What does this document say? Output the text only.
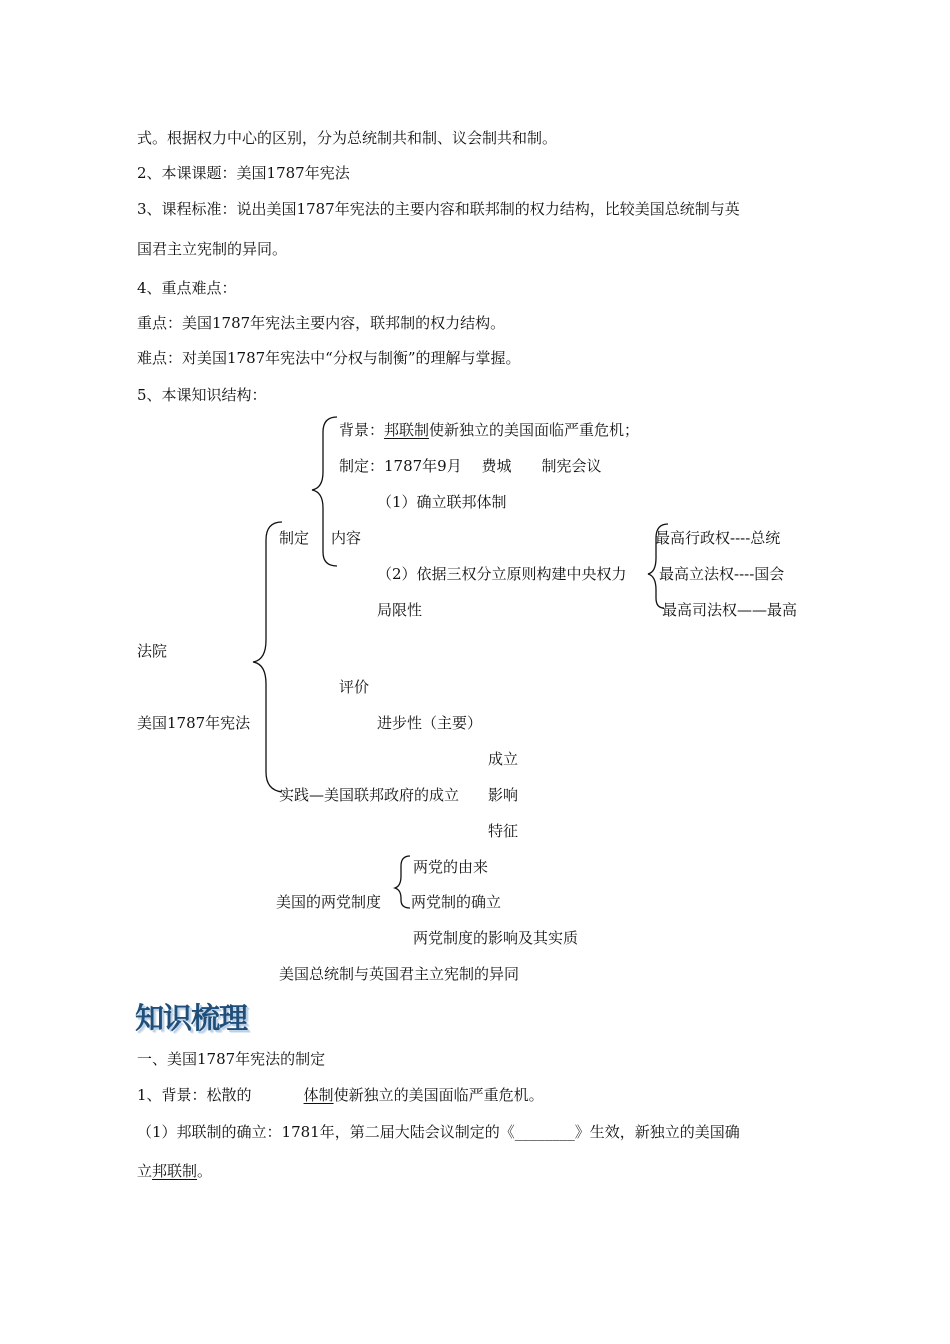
式。根据权力中心的区别，分为总统制共和制、议会制共和制。
2、本课课题：美国1787年宪法
3、课程标准：说出美国1787年宪法的主要内容和联邦制的权力结构，比较美国总统制与英
国君主立宪制的异同。
4、重点难点：
重点：美国1787年宪法主要内容，联邦制的权力结构。
难点：对美国1787年宪法中“分权与制衡”的理解与掌握。
5、本课知识结构：
背景：邦联制使新独立的美国面临严重危机；
制定：1787年9月　 费城　　制宪会议
（1）确立联邦体制
制定 内容	最高行政权----总统
（2）依据三权分立原则构建中央权力 最高立法权----国会
局限性	最高司法权——最高
法院
评价
美国1787年宪法	进步性（主要）
成立
实践—美国联邦政府的成立 影响
特征
两党的由来
美国的两党制度 两党制的确立
两党制度的影响及其实质
美国总统制与英国君主立宪制的异同
知识梳理
一、美国1787年宪法的制定
1、背景：松散的	体制使新独立的美国面临严重危机。
（1）邦联制的确立：1781年，第二届大陆会议制定的《________》生效，新独立的美国确
立邦联制。
